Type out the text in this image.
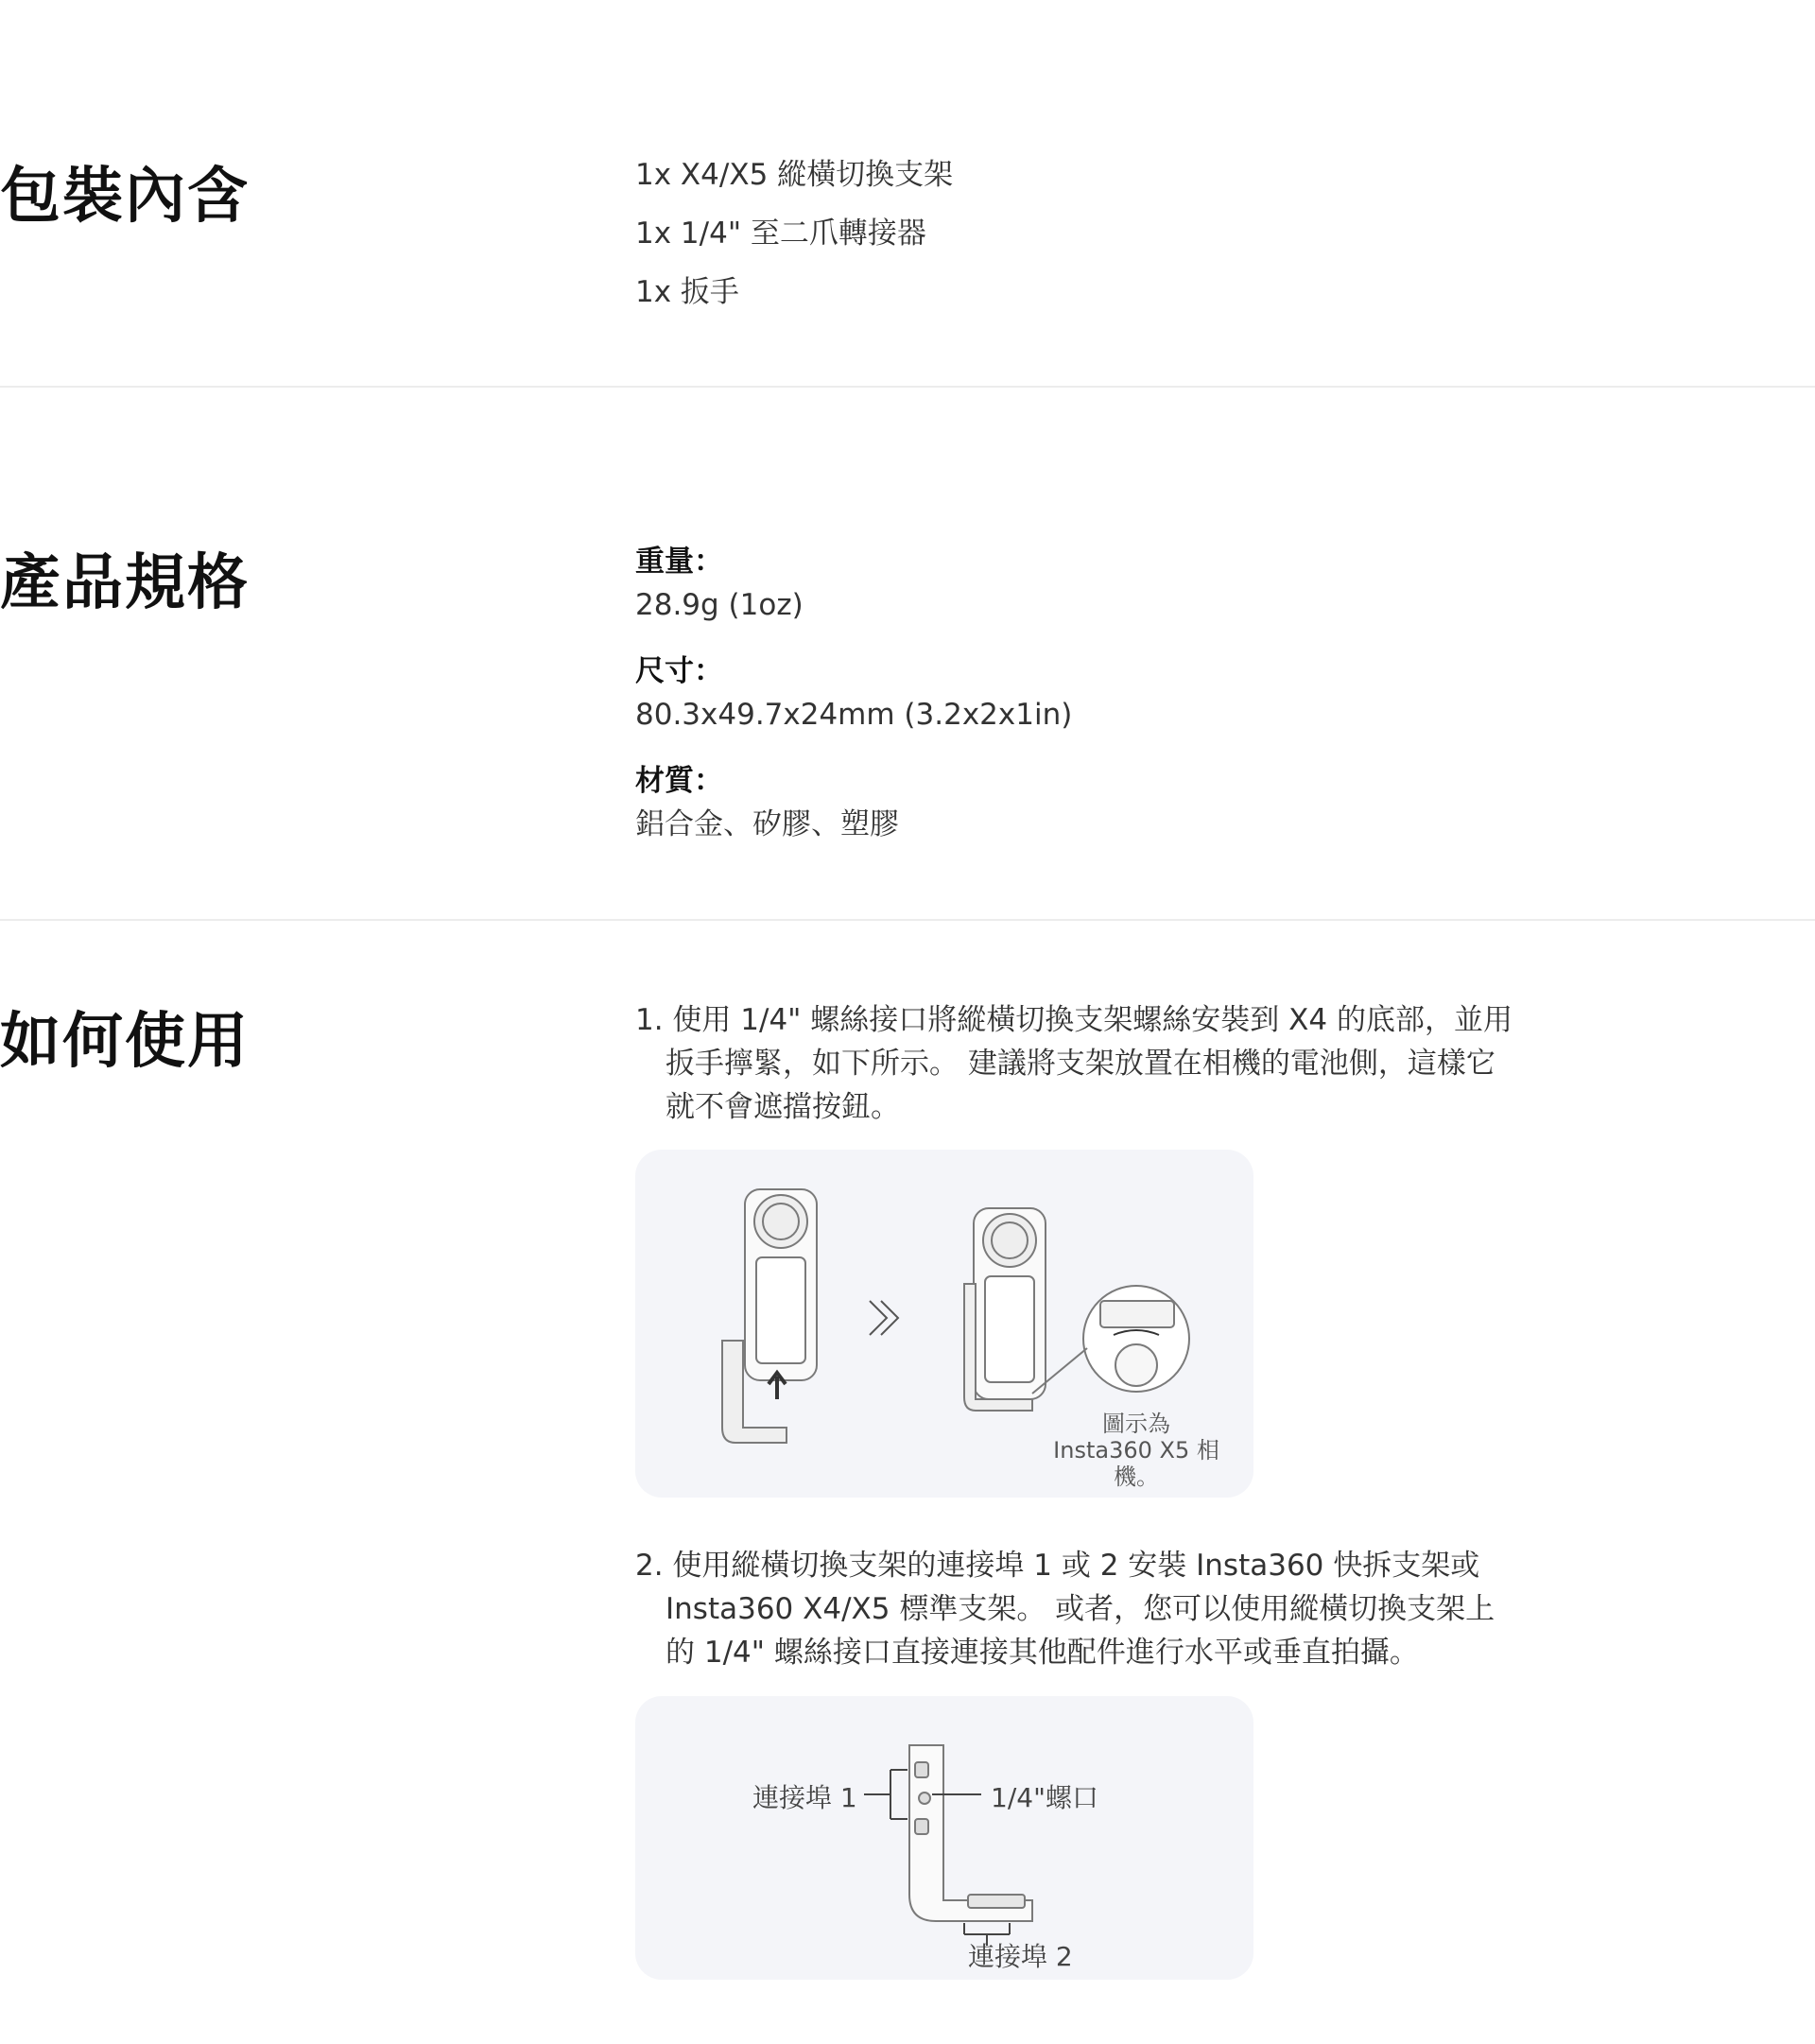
包裝內含	1x X4/X5 縱橫切換支架
1x 1/4" 至二爪轉接器
1x 扳手
產品規格	重量：
28.9g (1oz)
尺寸：
80.3x49.7x24mm (3.2x2x1in)
材質：
鋁合金、矽膠、塑膠
如何使用	1. 使用 1/4" 螺絲接口將縱橫切換支架螺絲安裝到 X4 的底部，並用扳手擰緊，如下所示。 建議將支架放置在相機的電池側，這樣它就不會遮擋按鈕。
圖示為
Insta360 X5 相機。
2. 使用縱橫切換支架的連接埠 1 或 2 安裝 Insta360 快拆支架或 Insta360 X4/X5 標準支架。 或者，您可以使用縱橫切換支架上的 1/4" 螺絲接口直接連接其他配件進行水平或垂直拍攝。
連接埠 1	1/4"螺口
連接埠 2
